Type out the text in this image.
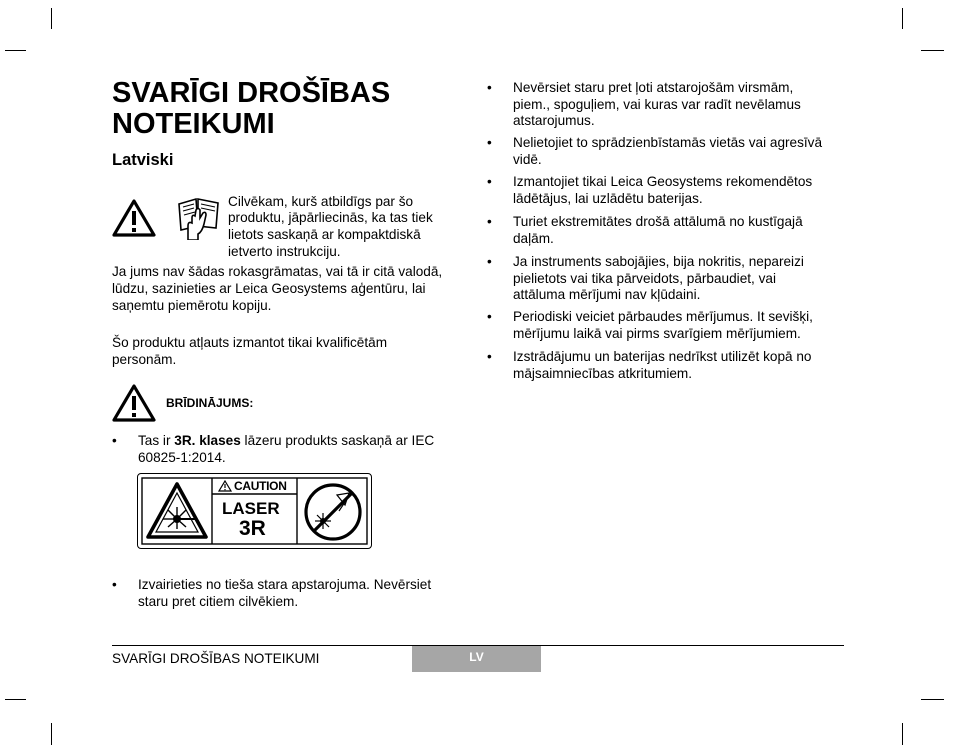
SVARĪGI DROŠĪBAS NOTEIKUMI
Latviski

Cilvēkam, kurš atbildīgs par šo

produktu, jāpārliecinās, ka tas tiek

lietots saskaņā ar kompaktdiskā

ietverto instrukciju.

Ja jums nav šādas rokasgrāmatas, vai tā ir citā valodā,

lūdzu, sazinieties ar Leica Geosystems aģentūru, lai

saņemtu piemērotu kopiju.

Šo produktu atļauts izmantot tikai kvalificētām

personām.

BRĪDINĀJUMS:
• Tas ir 3R. klases lāzeru produkts saskaņā ar IEC
60825-1:2014.
CAUTION
LASER
3R
• Izvairieties no tieša stara apstarojuma. Nevērsiet
staru pret citiem cilvēkiem.
• Nevērsiet staru pret ļoti atstarojošām virsmām,
piem., spoguļiem, vai kuras var radīt nevēlamus
atstarojumus.
• Nelietojiet to sprādzienbīstamās vietās vai agresīvā
vidē.
• Izmantojiet tikai Leica Geosystems rekomendētos
lādētājus, lai uzlādētu baterijas.
• Turiet ekstremitātes drošā attālumā no kustīgajā
daļām.
• Ja instruments sabojājies, bija nokritis, nepareizi
pielietots vai tika pārveidots, pārbaudiet, vai
attāluma mērījumi nav kļūdaini.
• Periodiski veiciet pārbaudes mērījumus. It sevišķi,
mērījumu laikā vai pirms svarīgiem mērījumiem.
• Izstrādājumu un baterijas nedrīkst utilizēt kopā no
mājsaimniecības atkritumiem.
SVARĪGI DROŠĪBAS NOTEIKUMI	LV
